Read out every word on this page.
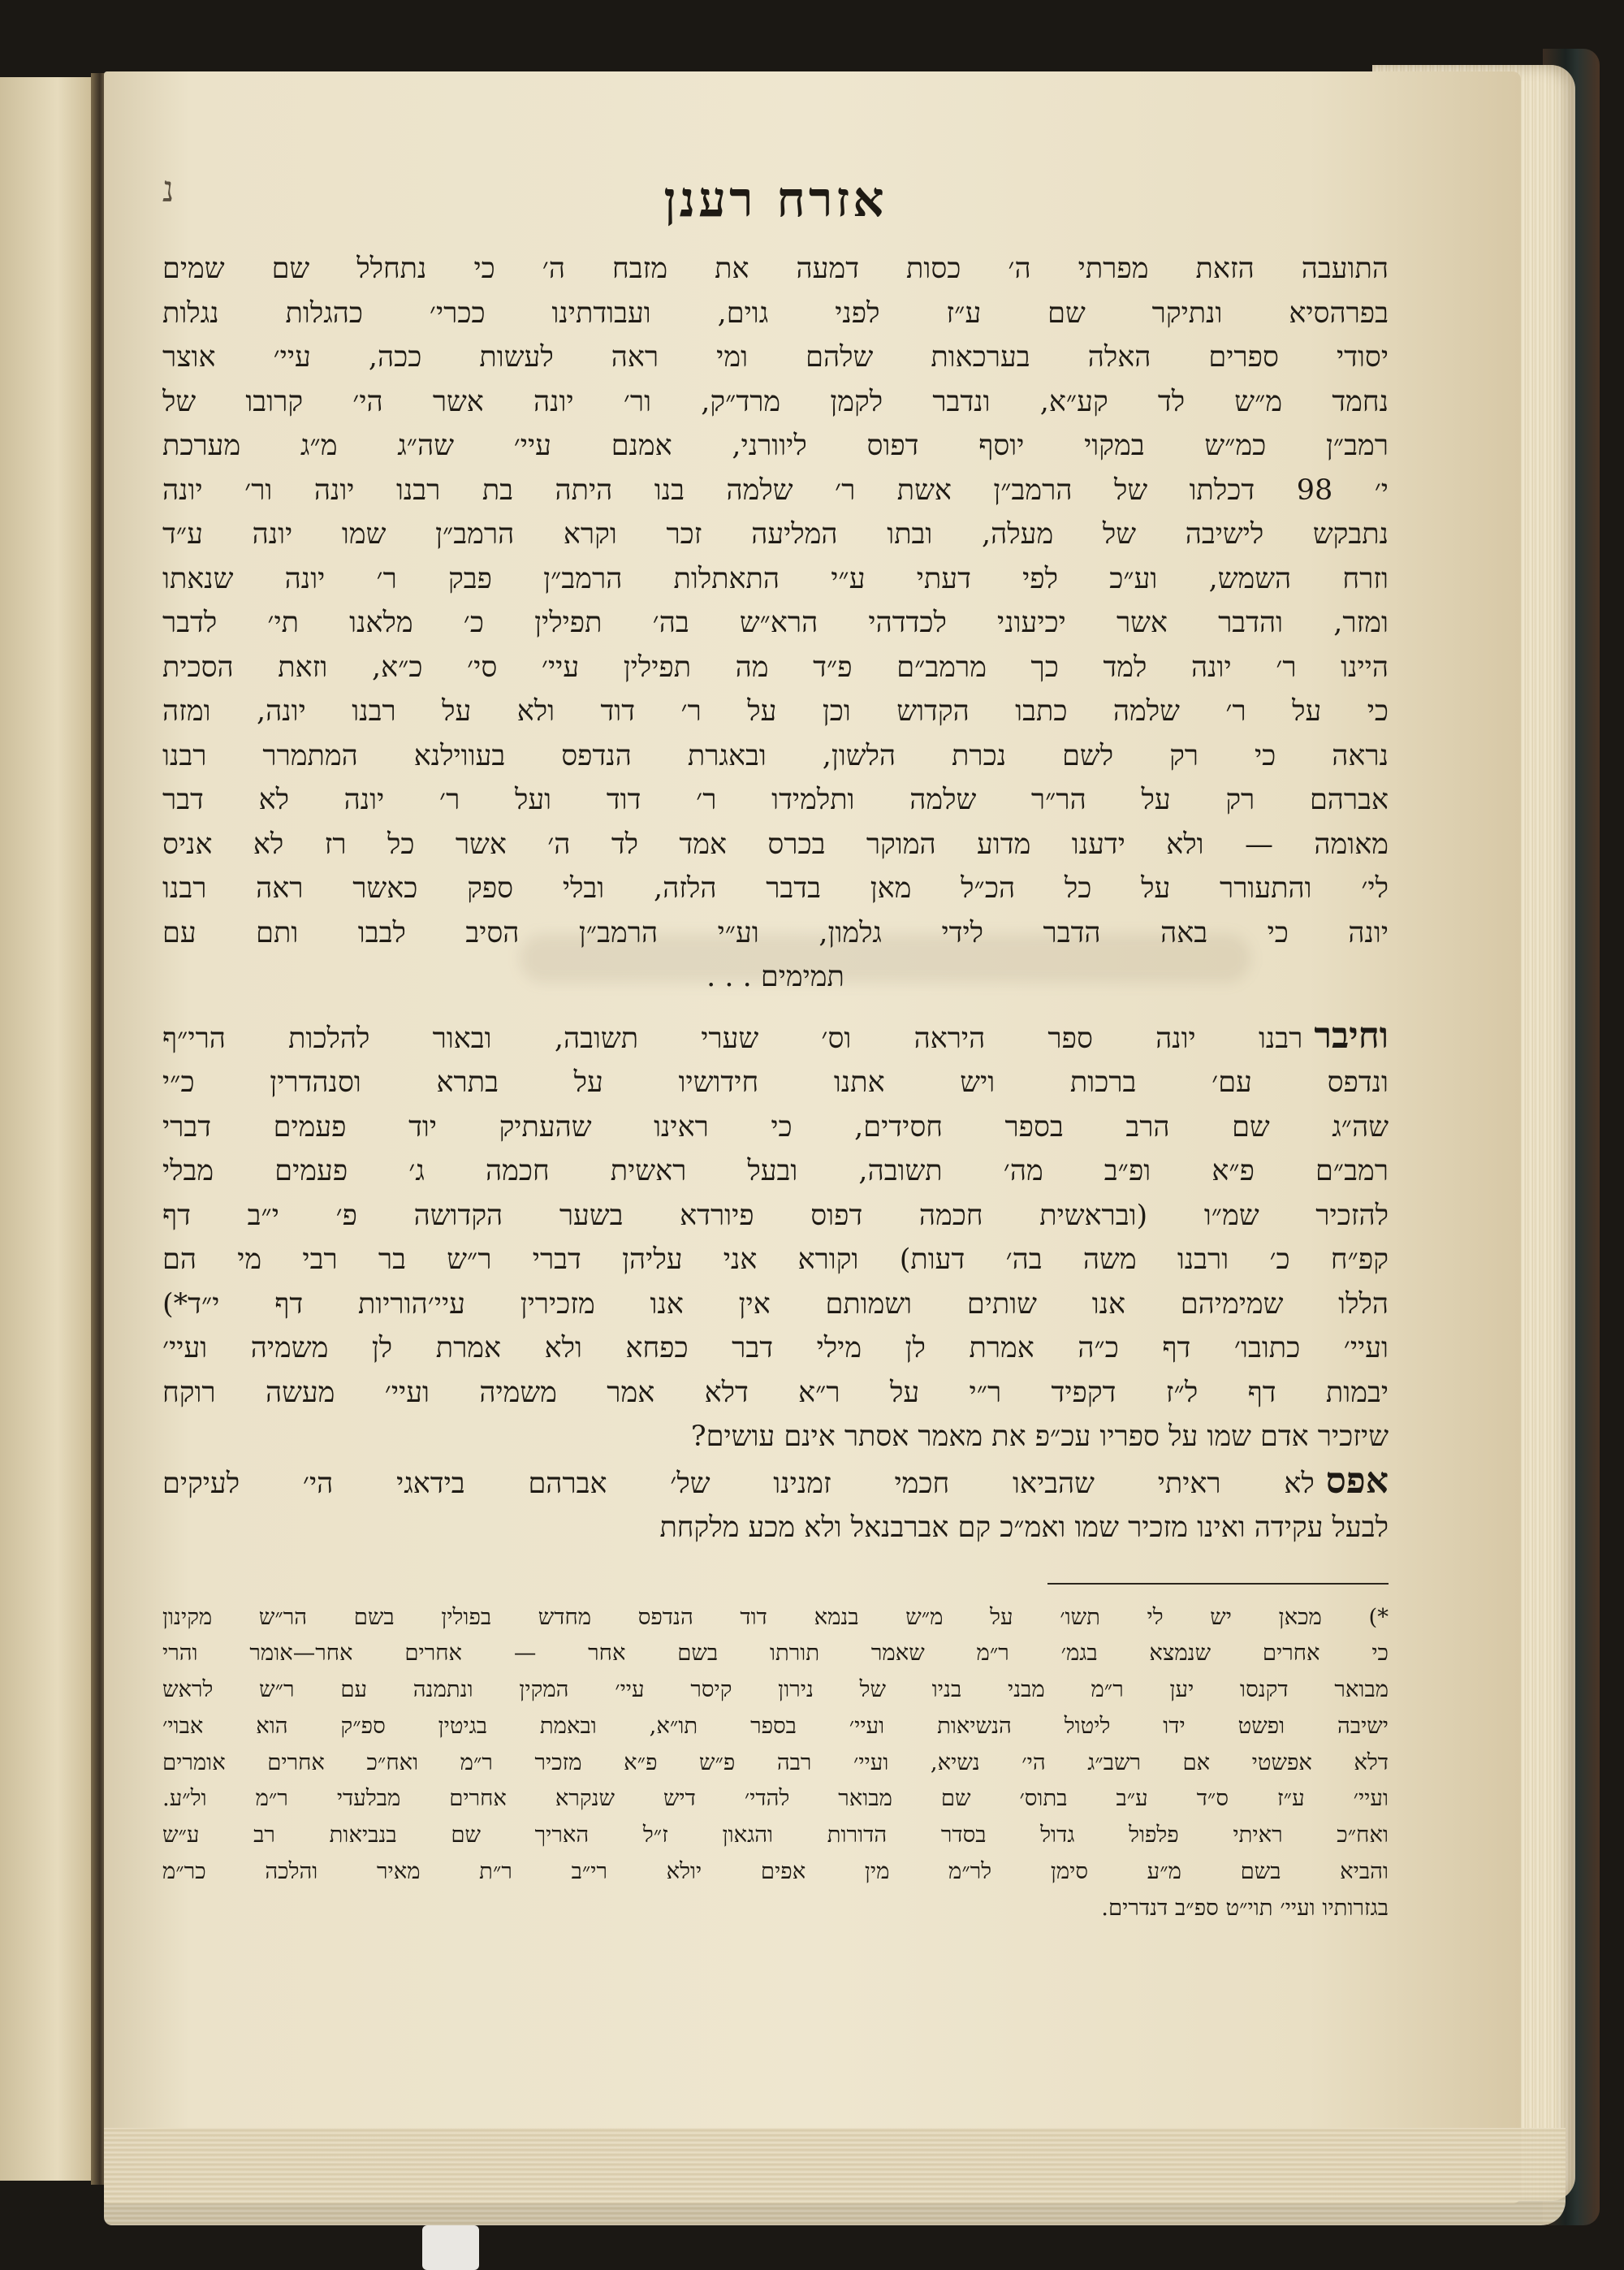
נ	אזרח רענן
התועבה הזאת מפרתי ה׳ כסות דמעה את מזבח ה׳ כי נתחלל שם שמים
בפרהסיא ונתיקר שם ע״ז לפני גוים, ועבודתינו ככרי׳ כהגלות נגלות
יסודי ספרים האלה בערכאות שלהם ומי ראה לעשות ככה, עיי׳ אוצר
נחמד מ״ש לד קע״א, ונדבר לקמן מרד״ק, ור׳ יונה אשר הי׳ קרובו של
רמב״ן כמ״ש במקוי יוסף דפוס ליוורני, אמנם עיי׳ שה״ג מ״ג מערכת
י׳ 98 דכלתו של הרמב״ן אשת ר׳ שלמה בנו היתה בת רבנו יונה ור׳ יונה
נתבקש לישיבה של מעלה, ובתו המליעה זכר וקרא הרמב״ן שמו יונה ע״ד
וזרח השמש, וע״כ לפי דעתי ע״י התאתלות הרמב״ן פבק ר׳ יונה שנאתו
ומזר, והדבר אשר יכיעוני לכדדהי הרא״ש בה׳ תפילין כ׳ מלאנו תי׳ לדבר
היינו ר׳ יונה למד כך מרמב״ם פ״ד מה תפילין עיי׳ סי׳ כ״א, וזאת הסכית
כי על ר׳ שלמה כתבו הקדוש וכן על ר׳ דוד ולא על רבנו יונה, ומזה
נראה כי רק לשם נכרת הלשון, ובאגרת הנדפס בעווילנא המתמרר רבנו
אברהם רק על הר״ר שלמה ותלמידו ר׳ דוד ועל ר׳ יונה לא דבר
מאומה — ולא ידענו מדוע המוקר בכרס אמד לד ה׳ אשר כל רז לא אניס
לי׳ והתעורר על כל הכ״ל מאן בדבר הלזה, ובלי ספק כאשר ראה רבנו
יונה כי באה הדבר לידי גלמון, וע״י הרמב״ן הסיב לבבו ותם עם
תמימים . . .
וחיבררבנו יונה ספר היראה וס׳ שערי תשובה, ובאור להלכות הרי״ף
ונדפס עם׳ ברכות ויש אתנו חידושיו על בתרא וסנהדרין כ״י
שה״ג שם הרב בספר חסידים, כי ראינו שהעתיק יוד פעמים דברי
רמב״ם פ״א ופ״ב מה׳ תשובה, ובעל ראשית חכמה ג׳ פעמים מבלי
להזכיר שמ״ו (ובראשית חכמה דפוס פיורדא בשער הקדושה פ׳ י״ב דף
קפ״ח כ׳ ורבנו משה בה׳ דעות) וקורא אני עליהן דברי ר״ש בר רבי מי הם
הללו שמימיהם אנו שותים ושמותם אין אנו מזכירין עיי׳הוריות דף י״ד*)
ועיי׳ כתובו׳ דף כ״ה אמרת לן מילי דבר כפחא ולא אמרת לן משמיה ועיי׳
יבמות דף ל״ז דקפיד ר״י על ר״א דלא אמר משמיה ועיי׳ מעשה רוקח
שיזכיר אדם שמו על ספריו עכ״פ את מאמר אסתר אינם עושים?
אפסלא ראיתי שהביאו חכמי זמנינו של׳ אברהם בידאגי הי׳ לעיקים
לבעל עקידה ואינו מזכיר שמו ואמ״כ קם אברבנאל ולא מכע מלקחת
*) מכאן יש לי תשו׳ על מ״ש בנמא דוד הנדפס מחדש בפולין בשם הר״ש מקינון
כי אחרים שנמצא בגמ׳ ר״מ שאמר תורתו בשם אחר — אחרים אחר—אומר והרי
מבואר דקנסו יען ר״מ מבני בניו של נירון קיסר עיי׳ המקין ונתמנה עם ר״ש לראש
ישיבה ופשט ידו ליטול הנשיאות ועיי׳ בספר תו״א, ובאמת בגיטין ספ״ק הוא אבוי׳
דלא אפשטי אם רשב״ג הי׳ נשיא, ועיי׳ רבה פ״ש פ״א מזכיר ר״מ ואח״כ אחרים אומרים
ועיי׳ ע״ז ס״ד ע״ב בתוס׳ שם מבואר להדי׳ דיש שנקרא אחרים מבלעדי ר״מ ול״ע.
ואח״כ ראיתי פלפול גדול בסדר הדורות והגאון ז״ל האריך שם בנביאות רב ע״ש
והביא בשם מ״ע סימן לר״מ מין אפים יולא רי״ב ר״ת מאיר והלכה כר״מ
בגזרותיו ועיי׳ תוי״ט ספ״ב דנדרים.
